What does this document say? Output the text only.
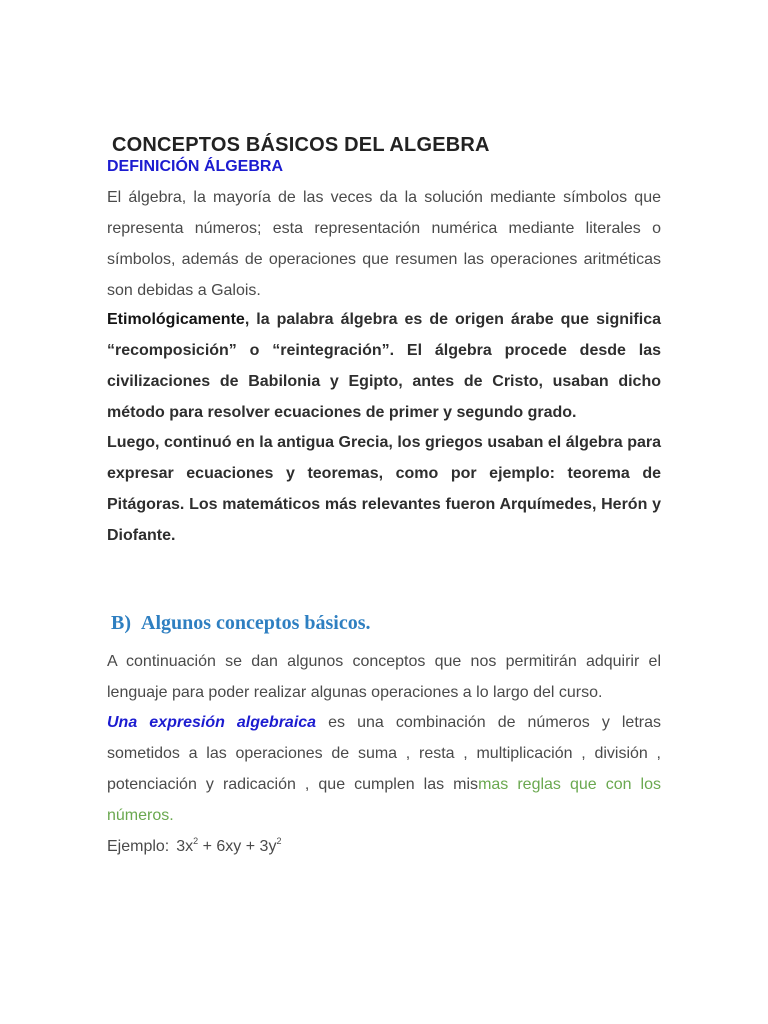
CONCEPTOS BÁSICOS DEL ALGEBRA
DEFINICIÓN ÁLGEBRA

El álgebra, la mayoría de las veces da la solución mediante símbolos que representa números; esta representación numérica mediante literales o símbolos, además de operaciones que resumen las operaciones aritméticas son debidas a Galois.

Etimológicamente, la palabra álgebra es de origen árabe que significa “recomposición” o “reintegración”. El álgebra procede desde las civilizaciones de Babilonia y Egipto, antes de Cristo, usaban dicho método para resolver ecuaciones de primer y segundo grado.

Luego, continuó en la antigua Grecia, los griegos usaban el álgebra para expresar ecuaciones y teoremas, como por ejemplo: teorema de Pitágoras. Los matemáticos más relevantes fueron Arquímedes, Herón y Diofante.

B) Algunos conceptos básicos.

A continuación se dan algunos conceptos que nos permitirán adquirir el lenguaje para poder realizar algunas operaciones a lo largo del curso.

Una expresión algebraica es una combinación de números y letras sometidos a las operaciones de suma , resta , multiplicación , división , potenciación y radicación , que cumplen las mismas reglas que con los números.

Ejemplo: $3x^2 + 6xy + 3y^2$
